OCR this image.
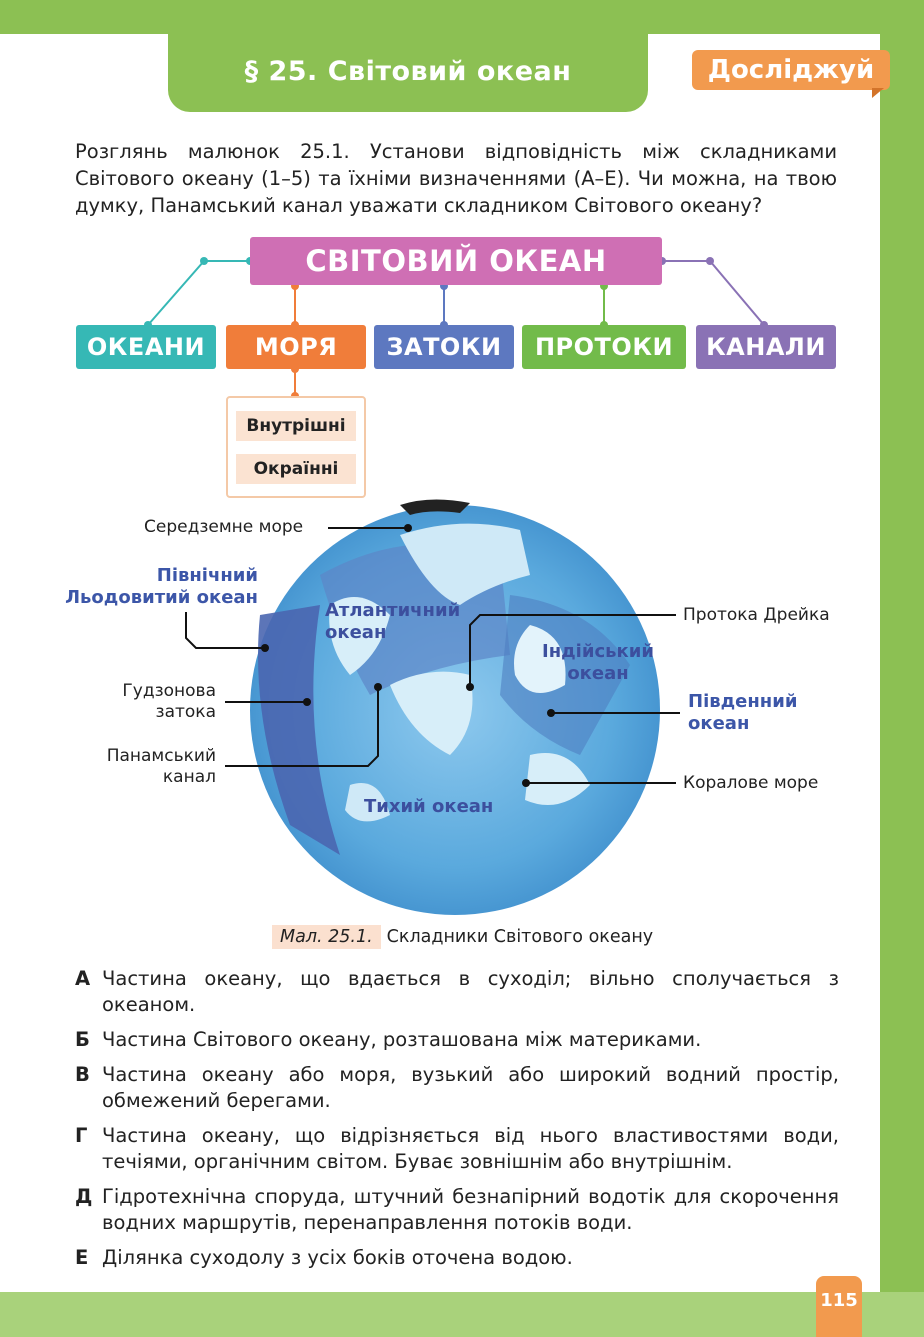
§ 25. Світовий океан	Досліджуй
Розглянь малюнок 25.1. Установи відповідність між складниками Світового океану (1–5) та їхніми визначеннями (А–Е). Чи можна, на твою думку, Панамський канал уважати складником Світового океану?
СВІТОВИЙ ОКЕАН
ОКЕАНИ	МОРЯ	ЗАТОКИ	ПРОТОКИ	КАНАЛИ
Внутрішні
Окраїнні
Середземне море
Північний Льодовитий океан
Гудзонова затока
Панамський канал
Протока Дрейка
Південний океан
Коралове море
Атлантичний океан
Індійський океан
Тихий океан
Мал. 25.1. Складники Світового океану
А Частина океану, що вдається в суходіл; вільно сполучається з океаном.
Б Частина Світового океану, розташована між материками.
В Частина океану або моря, вузький або широкий водний простір, обмежений берегами.
Г Частина океану, що відрізняється від нього властивостями води, течіями, органічним світом. Буває зовнішнім або внутрішнім.
Д Гідротехнічна споруда, штучний безнапірний водотік для скорочення водних маршрутів, перенаправлення потоків води.
Е Ділянка суходолу з усіх боків оточена водою.
115
